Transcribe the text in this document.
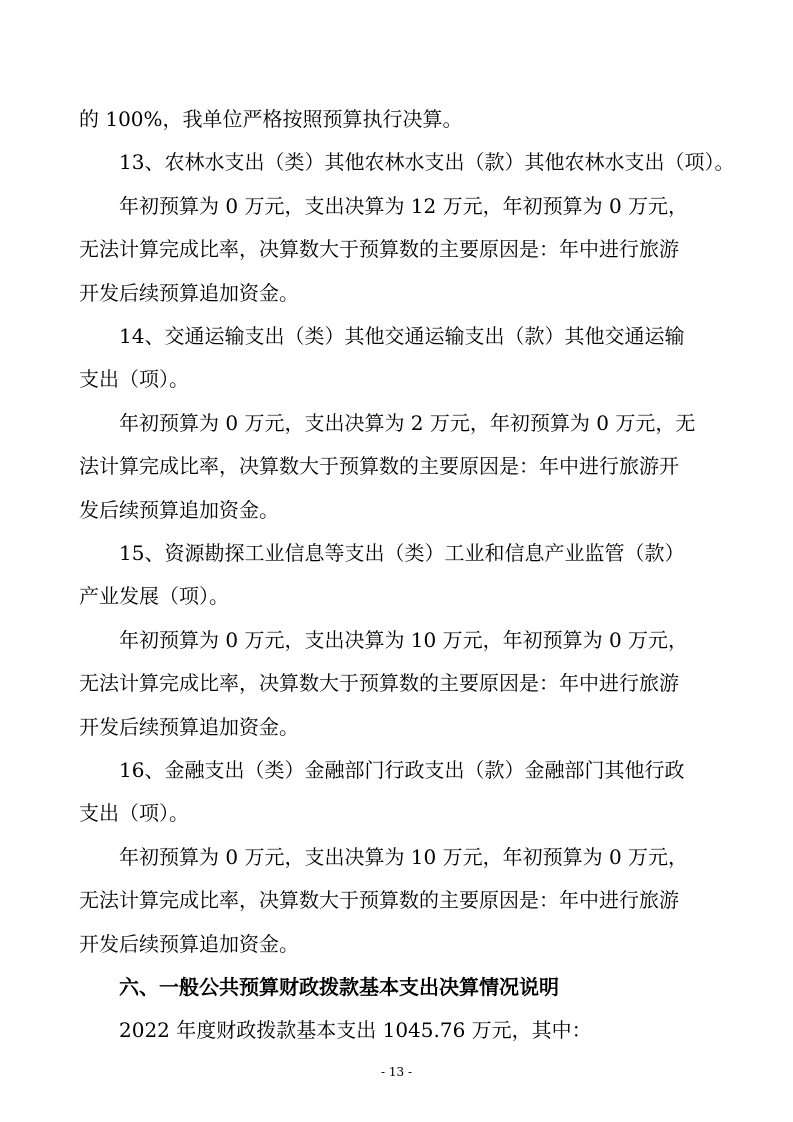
的 100%，我单位严格按照预算执行决算。
13、农林水支出（类）其他农林水支出（款）其他农林水支出（项）。
年初预算为 0 万元，支出决算为 12 万元，年初预算为 0 万元，
无法计算完成比率，决算数大于预算数的主要原因是：年中进行旅游
开发后续预算追加资金。
14、交通运输支出（类）其他交通运输支出（款）其他交通运输
支出（项）。
年初预算为 0 万元，支出决算为 2 万元，年初预算为 0 万元，无
法计算完成比率，决算数大于预算数的主要原因是：年中进行旅游开
发后续预算追加资金。
15、资源勘探工业信息等支出（类）工业和信息产业监管（款）
产业发展（项）。
年初预算为 0 万元，支出决算为 10 万元，年初预算为 0 万元，
无法计算完成比率，决算数大于预算数的主要原因是：年中进行旅游
开发后续预算追加资金。
16、金融支出（类）金融部门行政支出（款）金融部门其他行政
支出（项）。
年初预算为 0 万元，支出决算为 10 万元，年初预算为 0 万元，
无法计算完成比率，决算数大于预算数的主要原因是：年中进行旅游
开发后续预算追加资金。
六、一般公共预算财政拨款基本支出决算情况说明
2022 年度财政拨款基本支出 1045.76 万元，其中：
- 13 -
